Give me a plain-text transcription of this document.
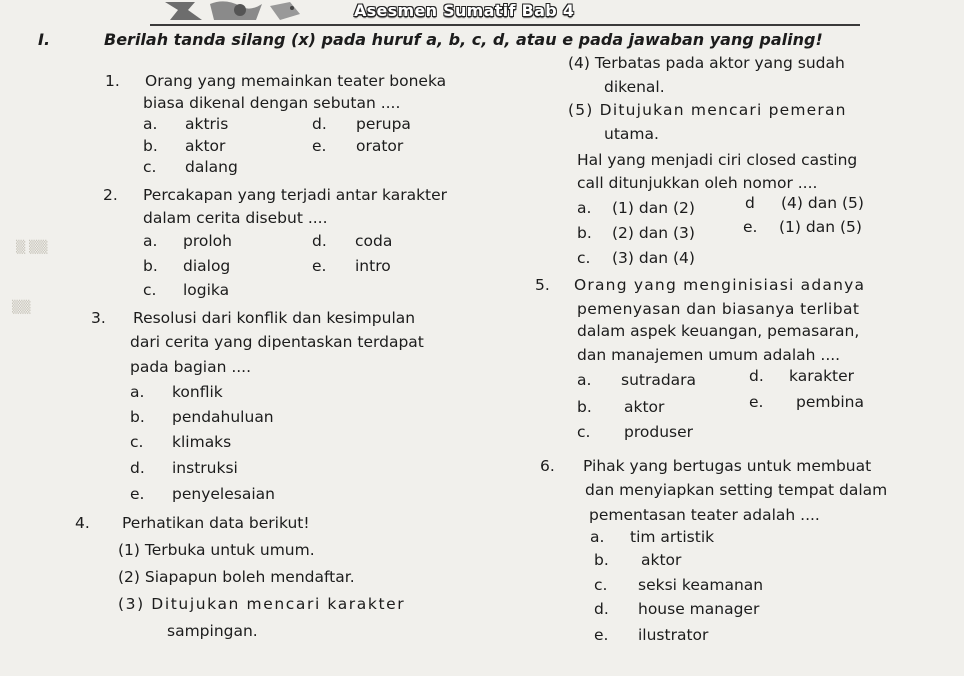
Asesmen Sumatif Bab 4
I.	Berilah tanda silang (x) pada huruf a, b, c, d, atau e pada jawaban yang paling!
▒ ▒▒
▒▒
1. Orang yang memainkan teater boneka
biasa dikenal dengan sebutan ....
a. aktris	d. perupa
b. aktor	e. orator
c. dalang
2. Percakapan yang terjadi antar karakter
dalam cerita disebut ....
a. proloh	d. coda
b. dialog	e. intro
c. logika
3. Resolusi dari konflik dan kesimpulan
dari cerita yang dipentaskan terdapat
pada bagian ....
a. konflik
b. pendahuluan
c. klimaks
d. instruksi
e. penyelesaian
4. Perhatikan data berikut!
(1) Terbuka untuk umum.
(2) Siapapun boleh mendaftar.
(3) Ditujukan mencari karakter
sampingan.
(4) Terbatas pada aktor yang sudah
dikenal.
(5) Ditujukan mencari pemeran
utama.
Hal yang menjadi ciri closed casting
call ditunjukkan oleh nomor ....
a. (1) dan (2)	d (4) dan (5)
b. (2) dan (3)	e. (1) dan (5)
c. (3) dan (4)
5. Orang yang menginisiasi adanya
pemenyasan dan biasanya terlibat
dalam aspek keuangan, pemasaran,
dan manajemen umum adalah ....
a. sutradara	d. karakter
b. aktor	e. pembina
c. produser
6. Pihak yang bertugas untuk membuat
dan menyiapkan setting tempat dalam
pementasan teater adalah ....
a. tim artistik
b. aktor
c. seksi keamanan
d. house manager
e. ilustrator
